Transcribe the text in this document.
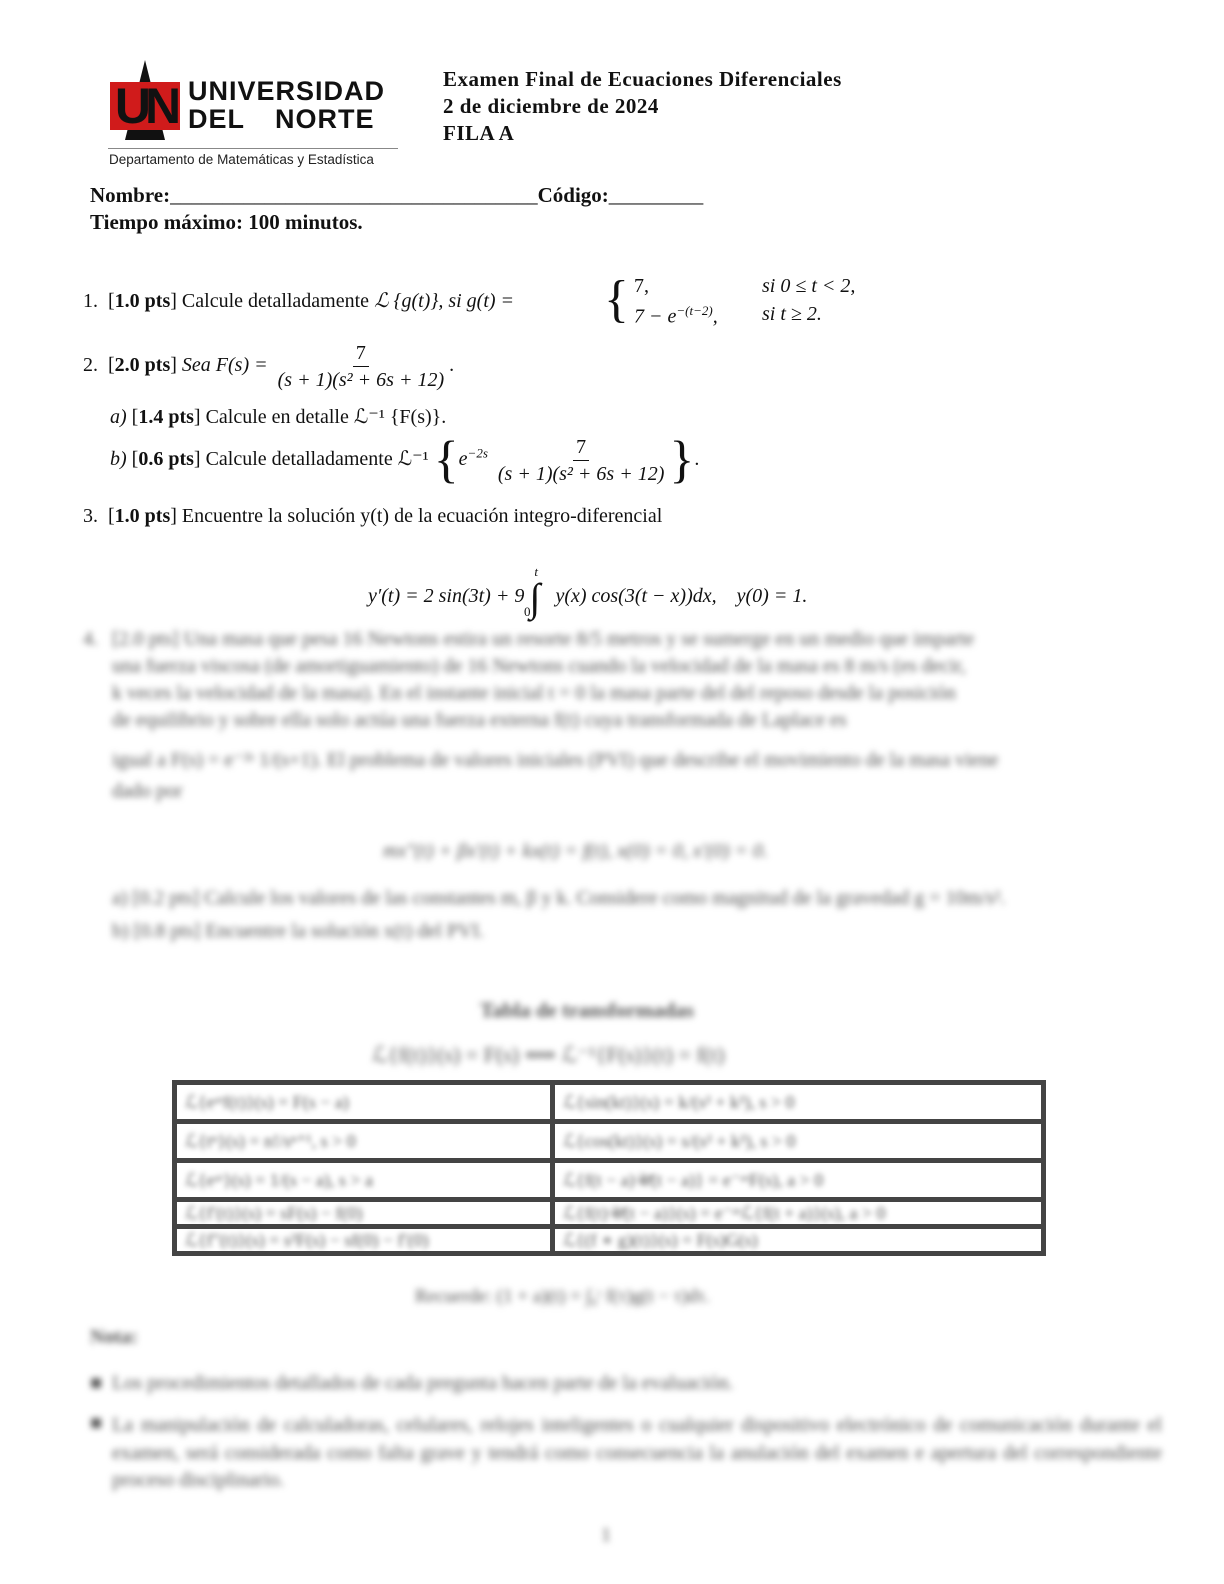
UN UNIVERSIDAD
DEL NORTE
Departamento de Matemáticas y Estadística
Examen Final de Ecuaciones Diferenciales
2 de diciembre de 2024
FILA A
Nombre:___________________________________Código:_________
Tiempo máximo: 100 minutos.
1.  [1.0 pts] Calcule detalladamente ℒ {g(t)}, si g(t) = { 7,	si 0 ≤ t < 2,
$7 - e^{-(t-2)}$, si t ≥ 2.
2.  [2.0 pts] Sea $F(s) = \frac{7}{\text{(s + 1)(s² + 6s + 12)}}$ .
a) [1.4 pts] Calcule en detalle ℒ⁻¹ {F(s)}.
b) [0.6 pts] Calcule detalladamente ℒ⁻¹ {$e^{-2s} \frac{7}{\text{(s + 1)(s² + 6s + 12)}}$ }.
3.  [1.0 pts] Encuentre la solución y(t) de la ecuación integro-diferencial
y′(t) = 2 sin(3t) + 9 ∫$^t_0$ y(x) cos(3(t − x))dx, y(0) = 1.
4. [2.0 pts] Una masa que pesa 16 Newtons estira un resorte 8/5 metros y se sumerge en un medio que imparte
una fuerza viscosa (de amortiguamiento) de 16 Newtons cuando la velocidad de la masa es 8 m/s (es decir,
k veces la velocidad de la masa). En el instante inicial t = 0 la masa parte del del reposo desde la posición
de equilibrio y sobre ella solo actúa una fuerza externa f(t) cuya transformada de Laplace es
igual a F(s) = e⁻²ˢ 1/(s+1). El problema de valores iniciales (PVI) que describe el movimiento de la masa viene
dado por
mx″(t) + βx′(t) + kx(t) = f(t), x(0) = 0, x′(0) = 0.
a) [0.2 pts] Calcule los valores de las constantes m, β y k. Considere como magnitud de la gravedad g = 10m/s².
b) [0.8 pts] Encuentre la solución x(t) del PVI.
Tabla de transformadas
ℒ{f(t)}(s) = F(s) ⟺ ℒ⁻¹{F(s)}(t) = f(t)
ℒ{eᵃᵗf(t)}(s) = F(s − a)	ℒ{sin(kt)}(s) = k/(s² + k²), s > 0
ℒ{tⁿ}(s) = n!/sⁿ⁺¹, s > 0	ℒ{cos(kt)}(s) = s/(s² + k²), s > 0
ℒ{eᵃᵗ}(s) = 1/(s − a), s > a	ℒ{f(t − a)𝒰(t − a)} = e⁻ᵃˢF(s), a > 0
ℒ{f′(t)}(s) = sF(s) − f(0)	ℒ{f(t)𝒰(t − a)}(s) = e⁻ᵃˢℒ{f(t + a)}(s), a > 0
ℒ{f″(t)}(s) = s²F(s) − sf(0) − f′(0)	ℒ{(f ∗ g)(t)}(s) = F(s)G(s)
Recuerde: (1 + a)(t) = ∫₀ᵗ f(τ)g(t − τ)dτ.
Nota:
■ Los procedimientos detallados de cada pregunta hacen parte de la evaluación.
■ La manipulación de calculadoras, celulares, relojes inteligentes o cualquier dispositivo electrónico de comunicación durante el examen, será considerada como falta grave y tendrá como consecuencia la anulación del examen e apertura del correspondiente proceso disciplinario.
1
